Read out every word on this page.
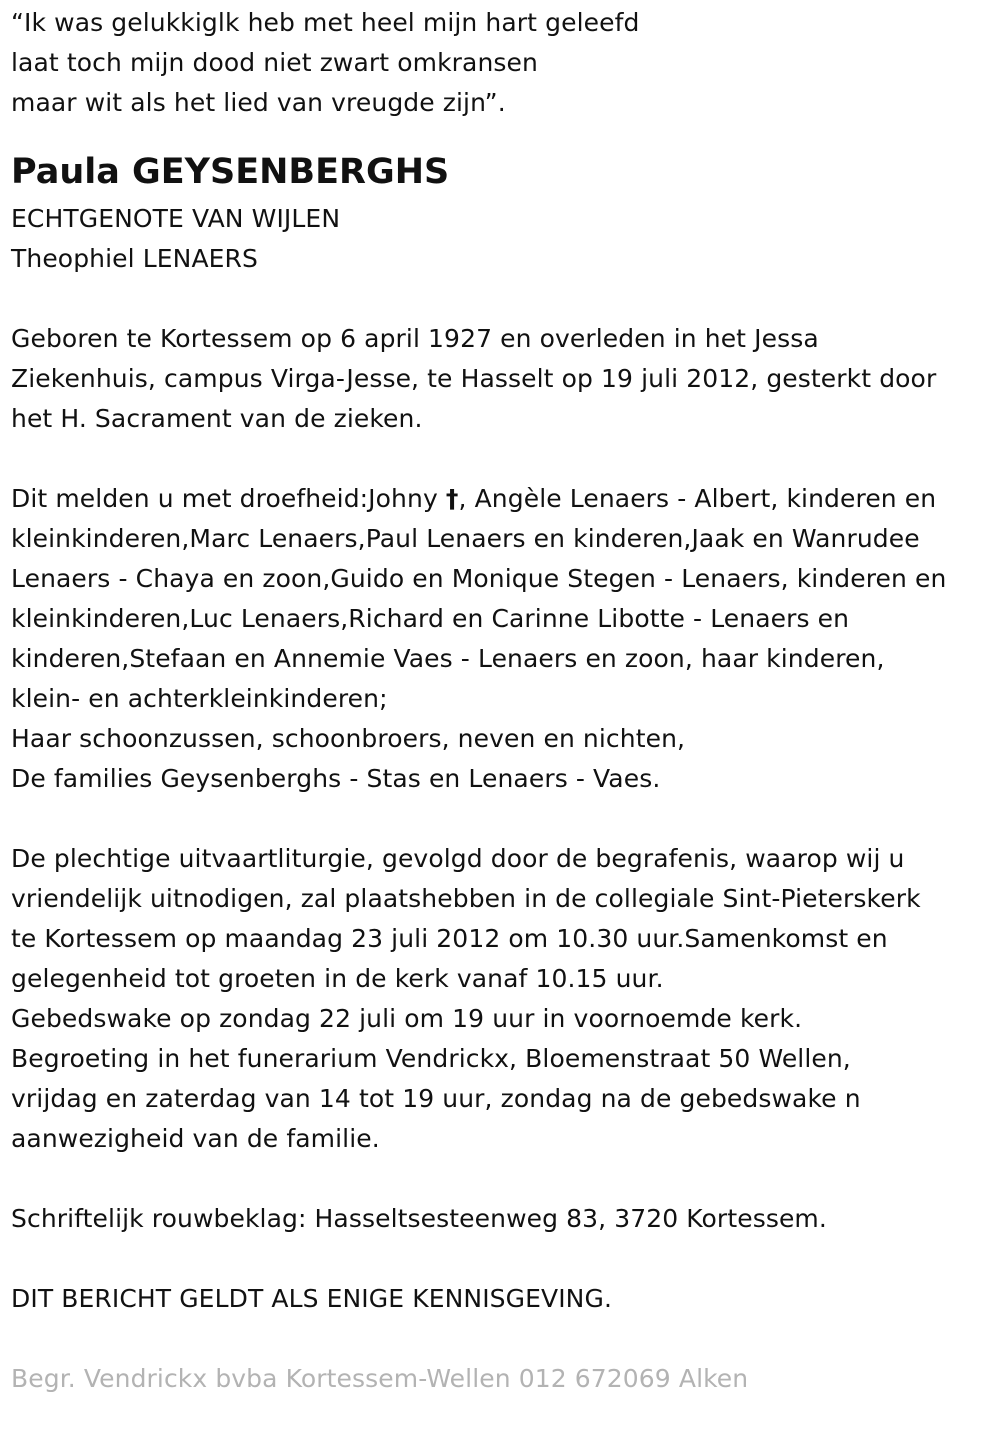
“Ik was gelukkiglk heb met heel mijn hart geleefd
laat toch mijn dood niet zwart omkransen
maar wit als het lied van vreugde zijn”.
Paula GEYSENBERGHS
ECHTGENOTE VAN WIJLEN
Theophiel LENAERS
Geboren te Kortessem op 6 april 1927 en overleden in het Jessa
Ziekenhuis, campus Virga-Jesse, te Hasselt op 19 juli 2012, gesterkt door
het H. Sacrament van de zieken.
Dit melden u met droefheid:Johny †, Angèle Lenaers - Albert, kinderen en
kleinkinderen,Marc Lenaers,Paul Lenaers en kinderen,Jaak en Wanrudee
Lenaers - Chaya en zoon,Guido en Monique Stegen - Lenaers, kinderen en
kleinkinderen,Luc Lenaers,Richard en Carinne Libotte - Lenaers en
kinderen,Stefaan en Annemie Vaes - Lenaers en zoon, haar kinderen,
klein- en achterkleinkinderen;
Haar schoonzussen, schoonbroers, neven en nichten,
De families Geysenberghs - Stas en Lenaers - Vaes.
De plechtige uitvaartliturgie, gevolgd door de begrafenis, waarop wij u
vriendelijk uitnodigen, zal plaatshebben in de collegiale Sint-Pieterskerk
te Kortessem op maandag 23 juli 2012 om 10.30 uur.Samenkomst en
gelegenheid tot groeten in de kerk vanaf 10.15 uur.
Gebedswake op zondag 22 juli om 19 uur in voornoemde kerk.
Begroeting in het funerarium Vendrickx, Bloemenstraat 50 Wellen,
vrijdag en zaterdag van 14 tot 19 uur, zondag na de gebedswake n
aanwezigheid van de familie.
Schriftelijk rouwbeklag: Hasseltsesteenweg 83, 3720 Kortessem.
DIT BERICHT GELDT ALS ENIGE KENNISGEVING.
Begr. Vendrickx bvba Kortessem-Wellen 012 672069 Alken
